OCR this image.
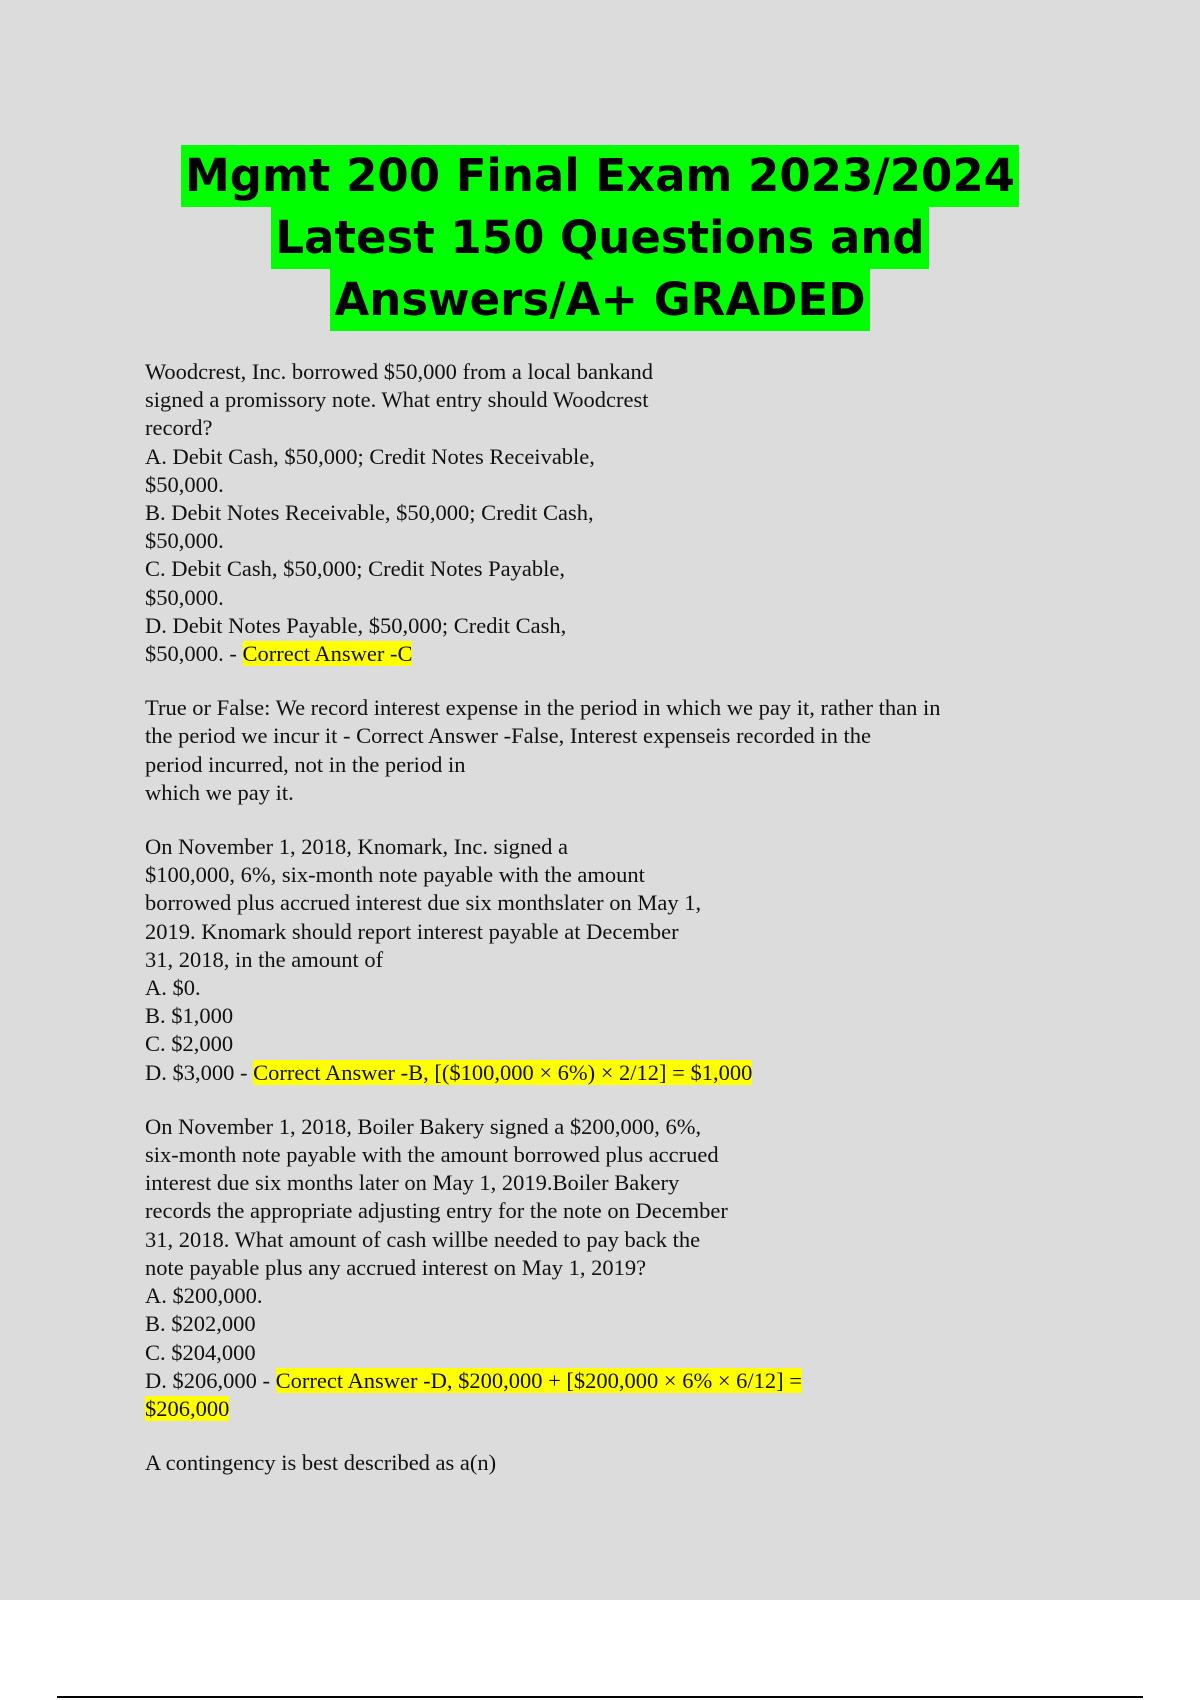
Mgmt 200 Final Exam 2023/2024
Latest 150 Questions and
Answers/A+ GRADED

Woodcrest, Inc. borrowed $50,000 from a local bankand
signed a promissory note. What entry should Woodcrest
record?
A. Debit Cash, $50,000; Credit Notes Receivable,
$50,000.
B. Debit Notes Receivable, $50,000; Credit Cash,
$50,000.
C. Debit Cash, $50,000; Credit Notes Payable,
$50,000.
D. Debit Notes Payable, $50,000; Credit Cash,
$50,000. - Correct Answer -C

True or False: We record interest expense in the period in which we pay it, rather than in
the period we incur it - Correct Answer -False, Interest expenseis recorded in the
period incurred, not in the period in
which we pay it.

On November 1, 2018, Knomark, Inc. signed a
$100,000, 6%, six-month note payable with the amount
borrowed plus accrued interest due six monthslater on May 1,
2019. Knomark should report interest payable at December
31, 2018, in the amount of
A. $0.
B. $1,000
C. $2,000
D. $3,000 - Correct Answer -B, [($100,000 × 6%) × 2/12] = $1,000

On November 1, 2018, Boiler Bakery signed a $200,000, 6%,
six-month note payable with the amount borrowed plus accrued
interest due six months later on May 1, 2019.Boiler Bakery
records the appropriate adjusting entry for the note on December
31, 2018. What amount of cash willbe needed to pay back the
note payable plus any accrued interest on May 1, 2019?
A. $200,000.
B. $202,000
C. $204,000
D. $206,000 - Correct Answer -D, $200,000 + [$200,000 × 6% × 6/12] =
$206,000

A contingency is best described as a(n)
